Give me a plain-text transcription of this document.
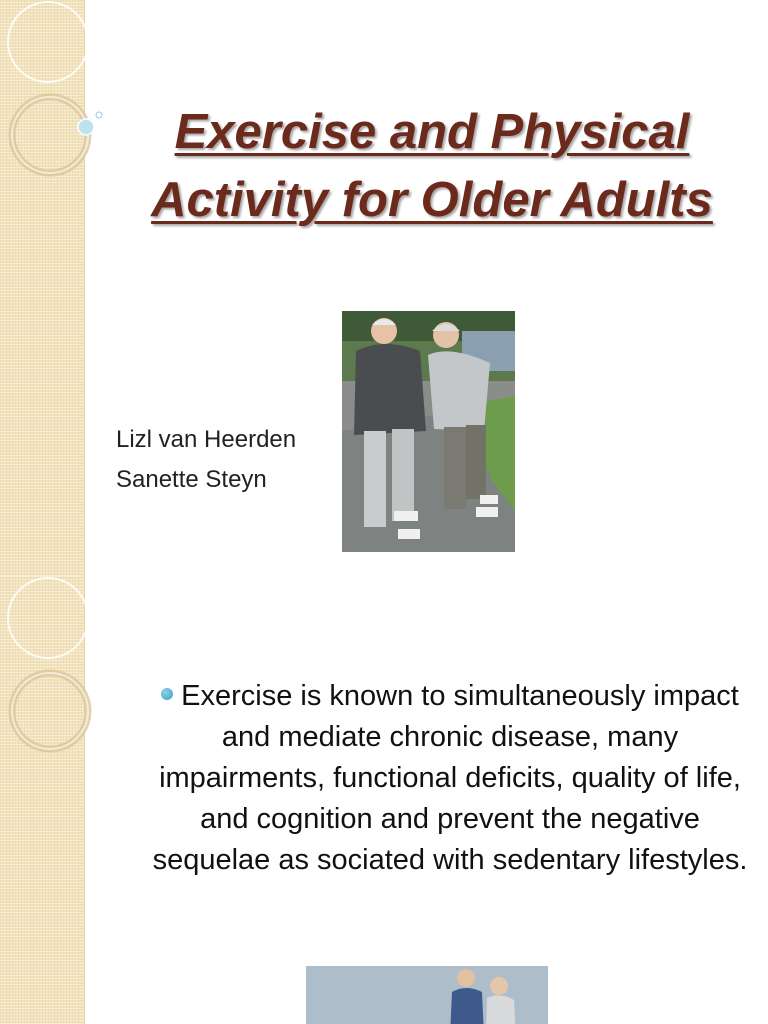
Exercise and Physical Activity for Older Adults
Lizl van Heerden
Sanette Steyn
Exercise is known to simultaneously impact and mediate chronic disease, many impairments, functional deficits, quality of life, and cognition and prevent the negative sequelae as sociated with sedentary lifestyles.
